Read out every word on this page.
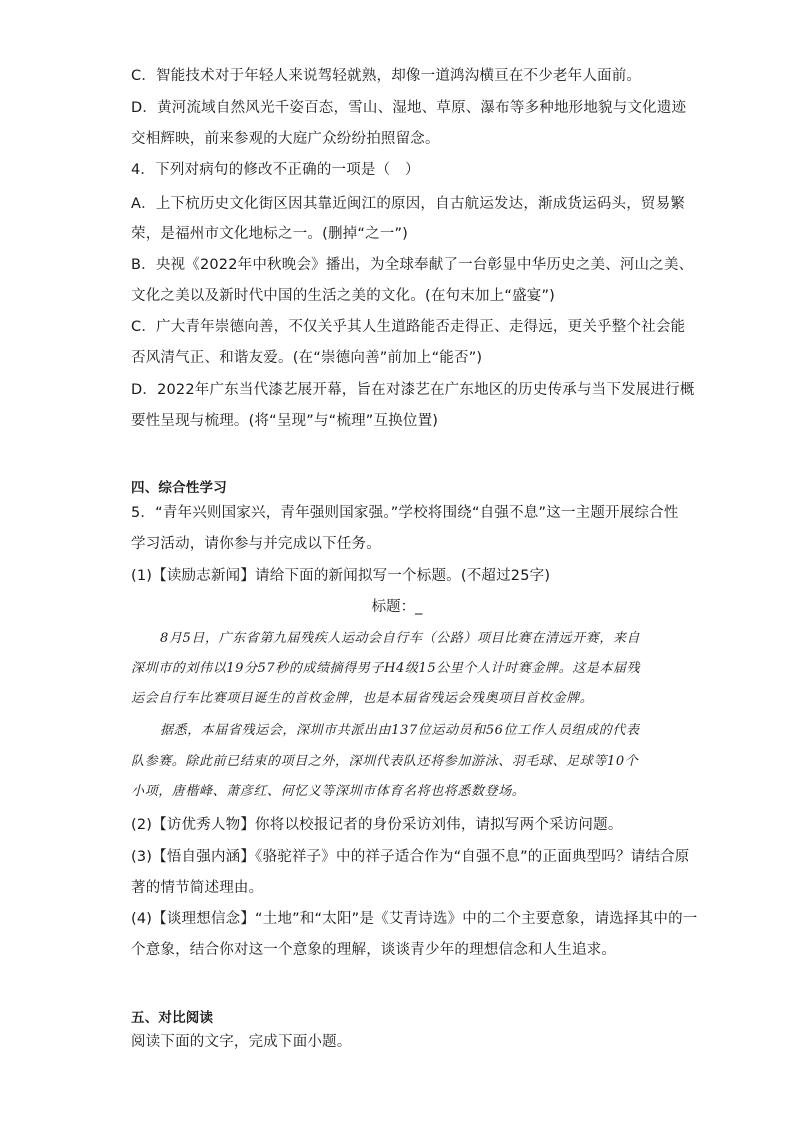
C．智能技术对于年轻人来说驾轻就熟，却像一道鸿沟横亘在不少老年人面前。
D．黄河流域自然风光千姿百态，雪山、湿地、草原、瀑布等多种地形地貌与文化遗迹
交相辉映，前来参观的大庭广众纷纷拍照留念。
4．下列对病句的修改不正确的一项是（　）
A．上下杭历史文化街区因其靠近闽江的原因，自古航运发达，渐成货运码头，贸易繁
荣，是福州市文化地标之一。(删掉“之一”)
B．央视《2022年中秋晚会》播出，为全球奉献了一台彰显中华历史之美、河山之美、
文化之美以及新时代中国的生活之美的文化。(在句末加上“盛宴”)
C．广大青年崇德向善，不仅关乎其人生道路能否走得正、走得远，更关乎整个社会能
否风清气正、和谐友爱。(在“崇德向善”前加上“能否”)
D．2022年广东当代漆艺展开幕，旨在对漆艺在广东地区的历史传承与当下发展进行概
要性呈现与梳理。(将“呈现”与“梳理”互换位置)
四、综合性学习
5．“青年兴则国家兴，青年强则国家强。”学校将围绕“自强不息”这一主题开展综合性
学习活动，请你参与并完成以下任务。
(1)【读励志新闻】请给下面的新闻拟写一个标题。(不超过25字)
标题：_
8月5日，广东省第九届残疾人运动会自行车（公路）项目比赛在清远开赛，来自
深圳市的刘伟以19分57秒的成绩摘得男子H4级15公里个人计时赛金牌。这是本届残
运会自行车比赛项目诞生的首枚金牌，也是本届省残运会残奥项目首枚金牌。
据悉，本届省残运会，深圳市共派出由137位运动员和56位工作人员组成的代表
队参赛。除此前已结束的项目之外，深圳代表队还将参加游泳、羽毛球、足球等10个
小项，唐楷峰、萧彦红、何忆义等深圳市体育名将也将悉数登场。
(2)【访优秀人物】你将以校报记者的身份采访刘伟，请拟写两个采访问题。
(3)【悟自强内涵】《骆驼祥子》中的祥子适合作为“自强不息”的正面典型吗？请结合原
著的情节简述理由。
(4)【谈理想信念】“土地”和“太阳”是《艾青诗选》中的二个主要意象，请选择其中的一
个意象，结合你对这一个意象的理解，谈谈青少年的理想信念和人生追求。
五、对比阅读
阅读下面的文字，完成下面小题。
